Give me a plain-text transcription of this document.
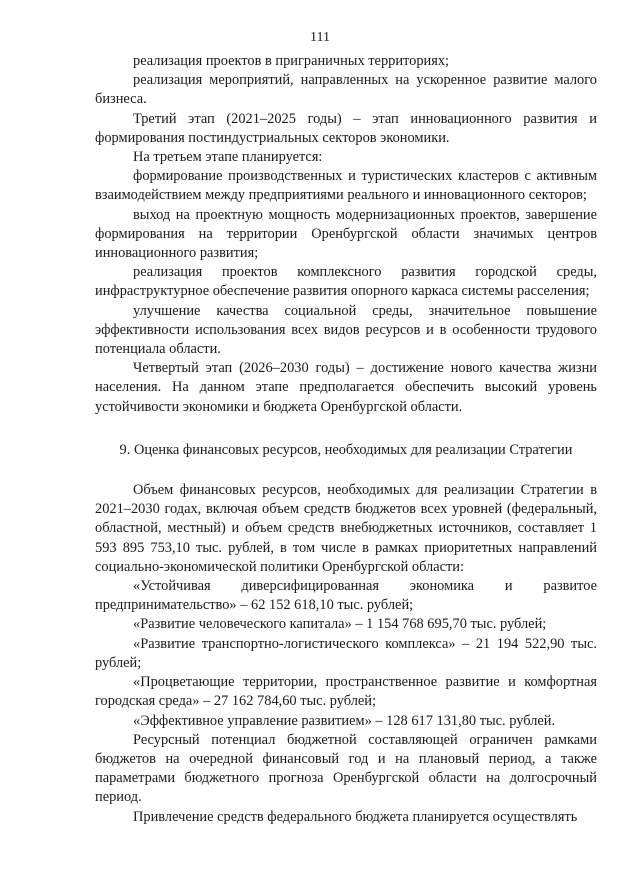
111

реализация проектов в приграничных территориях;

реализация мероприятий, направленных на ускоренное развитие малого бизнеса.

Третий этап (2021–2025 годы) – этап инновационного развития и формирования постиндустриальных секторов экономики.

На третьем этапе планируется:

формирование производственных и туристических кластеров с активным взаимодействием между предприятиями реального и инновационного секторов;

выход на проектную мощность модернизационных проектов, завершение формирования на территории Оренбургской области значимых центров инновационного развития;

реализация проектов комплексного развития городской среды, инфраструктурное обеспечение развития опорного каркаса системы расселения;

улучшение качества социальной среды, значительное повышение эффективности использования всех видов ресурсов и в особенности трудового потенциала области.

Четвертый этап (2026–2030 годы) – достижение нового качества жизни населения. На данном этапе предполагается обеспечить высокий уровень устойчивости экономики и бюджета Оренбургской области.

9. Оценка финансовых ресурсов, необходимых для реализации Стратегии

Объем финансовых ресурсов, необходимых для реализации Стратегии в 2021–2030 годах, включая объем средств бюджетов всех уровней (федеральный, областной, местный) и объем средств внебюджетных источников, составляет 1 593 895 753,10 тыс. рублей, в том числе в рамках приоритетных направлений социально-экономической политики Оренбургской области:

«Устойчивая диверсифицированная экономика и развитое предпринимательство» – 62 152 618,10 тыс. рублей;

«Развитие человеческого капитала» – 1 154 768 695,70 тыс. рублей;

«Развитие транспортно-логистического комплекса» – 21 194 522,90 тыс. рублей;

«Процветающие территории, пространственное развитие и комфортная городская среда» – 27 162 784,60 тыс. рублей;

«Эффективное управление развитием» – 128 617 131,80 тыс. рублей.

Ресурсный потенциал бюджетной составляющей ограничен рамками бюджетов на очередной финансовый год и на плановый период, а также параметрами бюджетного прогноза Оренбургской области на долгосрочный период.

Привлечение средств федерального бюджета планируется осуществлять
